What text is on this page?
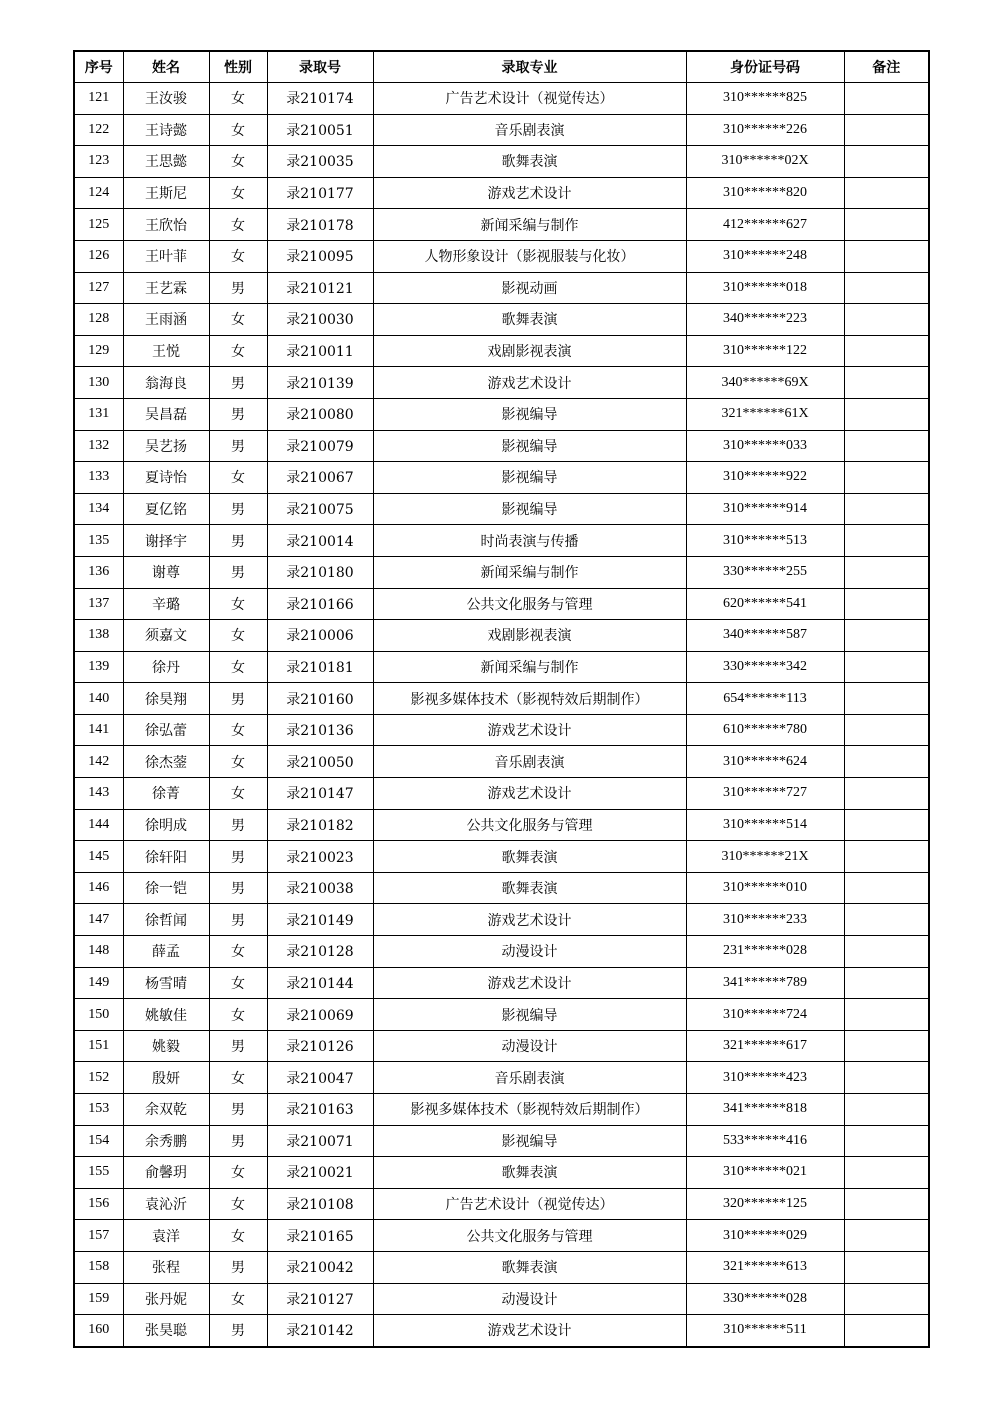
序号	姓名	性别	录取号	录取专业	身份证号码	备注
121	王汝骏	女	录210174	广告艺术设计（视觉传达）	310******825	
122	王诗懿	女	录210051	音乐剧表演	310******226	
123	王思懿	女	录210035	歌舞表演	310******02X	
124	王斯尼	女	录210177	游戏艺术设计	310******820	
125	王欣怡	女	录210178	新闻采编与制作	412******627	
126	王叶菲	女	录210095	人物形象设计（影视服装与化妆）	310******248	
127	王艺霖	男	录210121	影视动画	310******018	
128	王雨涵	女	录210030	歌舞表演	340******223	
129	王悦	女	录210011	戏剧影视表演	310******122	
130	翁海良	男	录210139	游戏艺术设计	340******69X	
131	吴昌磊	男	录210080	影视编导	321******61X	
132	吴艺扬	男	录210079	影视编导	310******033	
133	夏诗怡	女	录210067	影视编导	310******922	
134	夏亿铭	男	录210075	影视编导	310******914	
135	谢择宇	男	录210014	时尚表演与传播	310******513	
136	谢尊	男	录210180	新闻采编与制作	330******255	
137	辛璐	女	录210166	公共文化服务与管理	620******541	
138	须嘉文	女	录210006	戏剧影视表演	340******587	
139	徐丹	女	录210181	新闻采编与制作	330******342	
140	徐昊翔	男	录210160	影视多媒体技术（影视特效后期制作）	654******113	
141	徐弘蕾	女	录210136	游戏艺术设计	610******780	
142	徐杰蓥	女	录210050	音乐剧表演	310******624	
143	徐菁	女	录210147	游戏艺术设计	310******727	
144	徐明成	男	录210182	公共文化服务与管理	310******514	
145	徐轩阳	男	录210023	歌舞表演	310******21X	
146	徐一铠	男	录210038	歌舞表演	310******010	
147	徐哲闻	男	录210149	游戏艺术设计	310******233	
148	薛孟	女	录210128	动漫设计	231******028	
149	杨雪晴	女	录210144	游戏艺术设计	341******789	
150	姚敏佳	女	录210069	影视编导	310******724	
151	姚毅	男	录210126	动漫设计	321******617	
152	殷妍	女	录210047	音乐剧表演	310******423	
153	余双乾	男	录210163	影视多媒体技术（影视特效后期制作）	341******818	
154	余秀鹏	男	录210071	影视编导	533******416	
155	俞馨玥	女	录210021	歌舞表演	310******021	
156	袁沁沂	女	录210108	广告艺术设计（视觉传达）	320******125	
157	袁洋	女	录210165	公共文化服务与管理	310******029	
158	张程	男	录210042	歌舞表演	321******613	
159	张丹妮	女	录210127	动漫设计	330******028	
160	张昊聪	男	录210142	游戏艺术设计	310******511	
